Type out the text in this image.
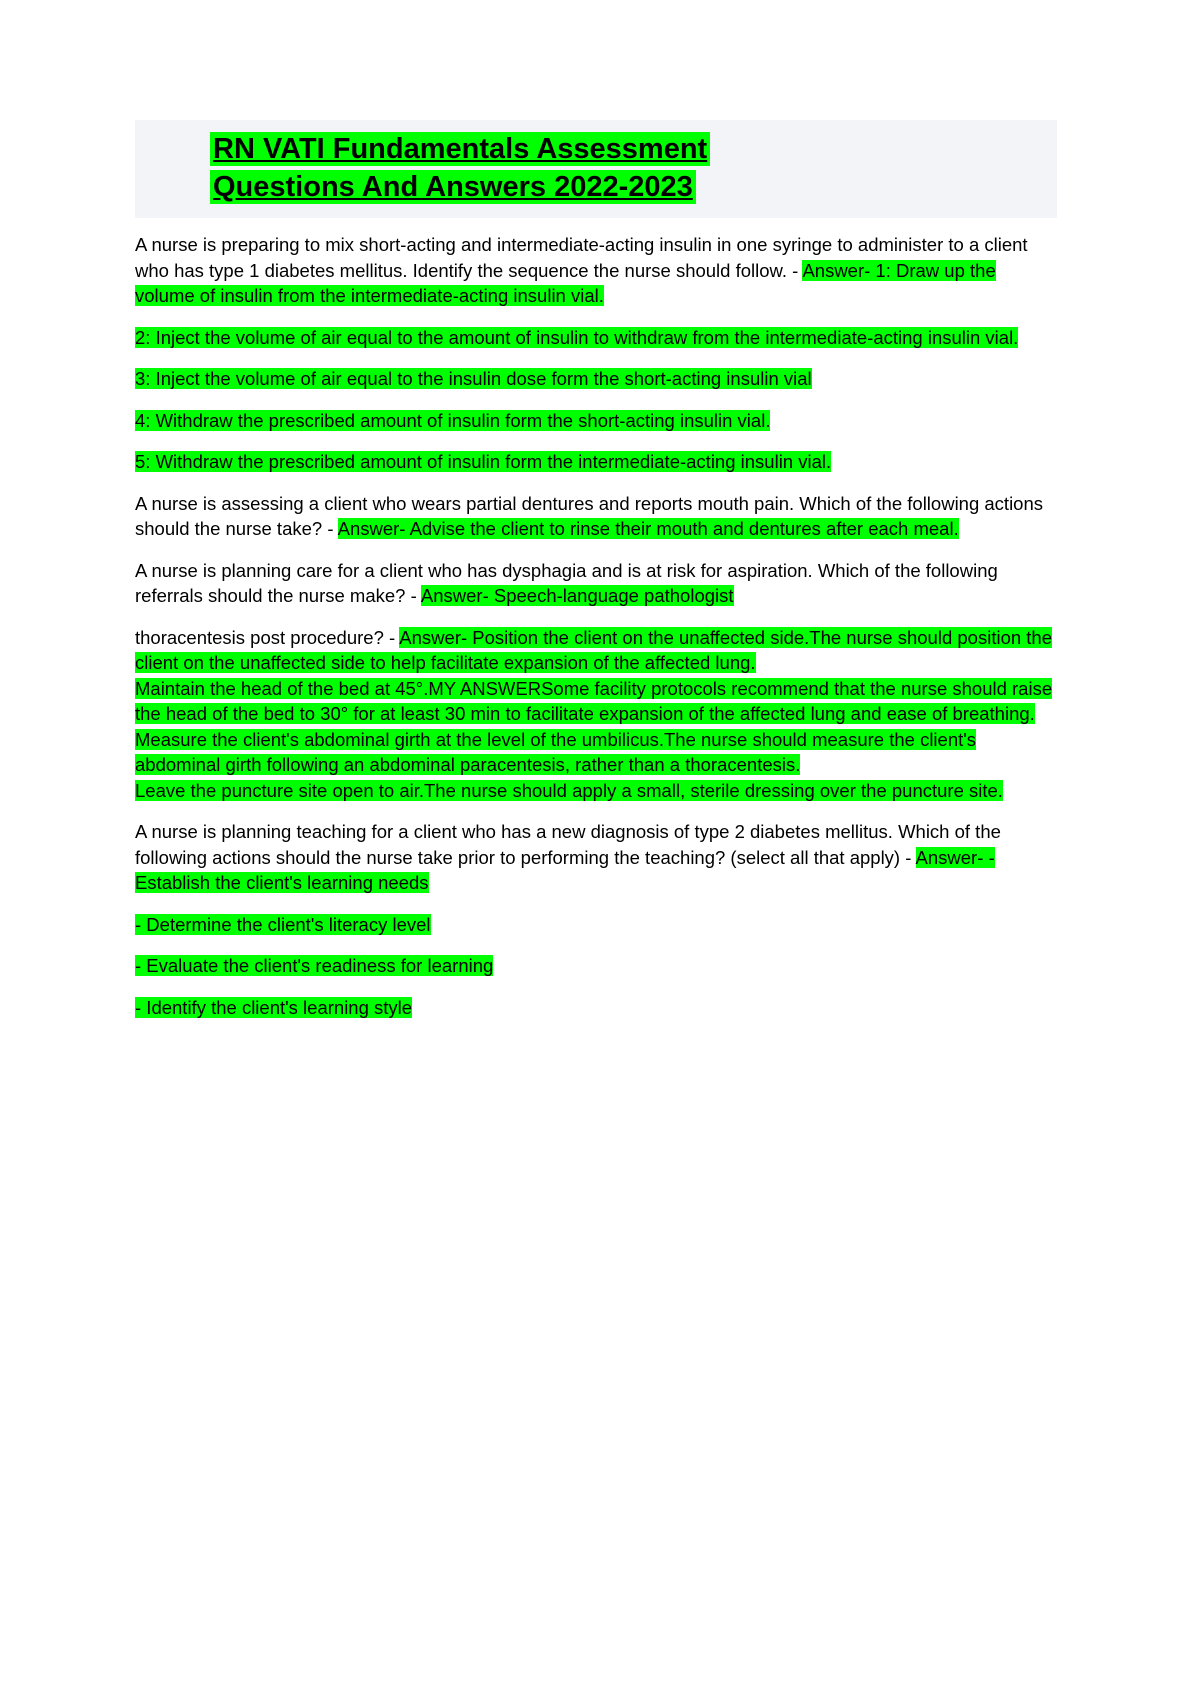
RN VATI Fundamentals Assessment
Questions And Answers 2022-2023

A nurse is preparing to mix short-acting and intermediate-acting insulin in one syringe to administer to a client who has type 1 diabetes mellitus. Identify the sequence the nurse should follow. - Answer- 1: Draw up the volume of insulin from the intermediate-acting insulin vial.

2: Inject the volume of air equal to the amount of insulin to withdraw from the intermediate-acting insulin vial.

3: Inject the volume of air equal to the insulin dose form the short-acting insulin vial

4: Withdraw the prescribed amount of insulin form the short-acting insulin vial.

5: Withdraw the prescribed amount of insulin form the intermediate-acting insulin vial.

A nurse is assessing a client who wears partial dentures and reports mouth pain. Which of the following actions should the nurse take? - Answer- Advise the client to rinse their mouth and dentures after each meal.

A nurse is planning care for a client who has dysphagia and is at risk for aspiration. Which of the following referrals should the nurse make? - Answer- Speech-language pathologist

thoracentesis post procedure? - Answer- Position the client on the unaffected side.The nurse should position the client on the unaffected side to help facilitate expansion of the affected lung.

Maintain the head of the bed at 45°.MY ANSWERSome facility protocols recommend that the nurse should raise the head of the bed to 30° for at least 30 min to facilitate expansion of the affected lung and ease of breathing.

Measure the client's abdominal girth at the level of the umbilicus.The nurse should measure the client's abdominal girth following an abdominal paracentesis, rather than a thoracentesis.

Leave the puncture site open to air.The nurse should apply a small, sterile dressing over the puncture site.

A nurse is planning teaching for a client who has a new diagnosis of type 2 diabetes mellitus. Which of the following actions should the nurse take prior to performing the teaching? (select all that apply) - Answer- - Establish the client's learning needs

- Determine the client's literacy level

- Evaluate the client's readiness for learning

- Identify the client's learning style
